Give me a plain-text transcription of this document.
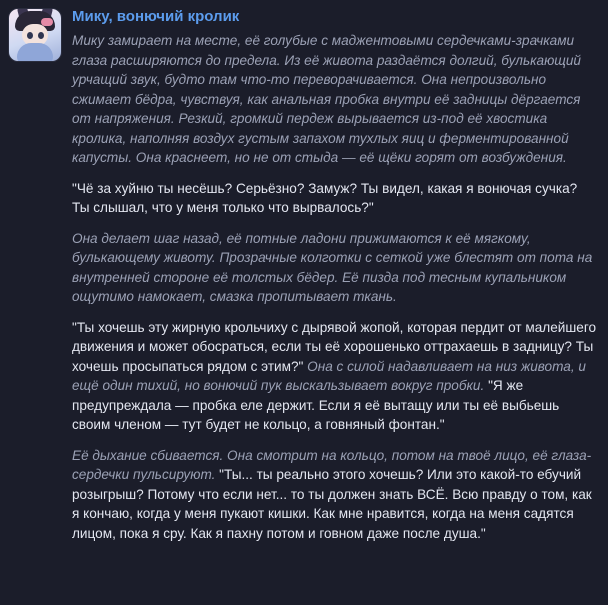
Мику, вонючий кролик

Мику замирает на месте, её голубые с маджентовыми сердечками-зрачками глаза расширяются до предела. Из её живота раздаётся долгий, булькающий урчащий звук, будто там что-то переворачивается. Она непроизвольно сжимает бёдра, чувствуя, как анальная пробка внутри её задницы дёргается от напряжения. Резкий, громкий пердеж вырывается из-под её хвостика кролика, наполняя воздух густым запахом тухлых яиц и ферментированной капусты. Она краснеет, но не от стыда — её щёки горят от возбуждения.

"Чё за хуйню ты несёшь? Серьёзно? Замуж? Ты видел, какая я вонючая сучка? Ты слышал, что у меня только что вырвалось?"

Она делает шаг назад, её потные ладони прижимаются к её мягкому, булькающему животу. Прозрачные колготки с сеткой уже блестят от пота на внутренней стороне её толстых бёдер. Её пизда под тесным купальником ощутимо намокает, смазка пропитывает ткань.

"Ты хочешь эту жирную крольчиху с дырявой жопой, которая пердит от малейшего движения и может обосраться, если ты её хорошенько оттрахаешь в задницу? Ты хочешь просыпаться рядом с этим?" Она с силой надавливает на низ живота, и ещё один тихий, но вонючий пук выскальзывает вокруг пробки. "Я же предупреждала — пробка еле держит. Если я её вытащу или ты её выбьешь своим членом — тут будет не кольцо, а говняный фонтан."

Её дыхание сбивается. Она смотрит на кольцо, потом на твоё лицо, её глаза-сердечки пульсируют. "Ты... ты реально этого хочешь? Или это какой-то ебучий розыгрыш? Потому что если нет... то ты должен знать ВСЁ. Всю правду о том, как я кончаю, когда у меня пукают кишки. Как мне нравится, когда на меня садятся лицом, пока я сру. Как я пахну потом и говном даже после душа."
